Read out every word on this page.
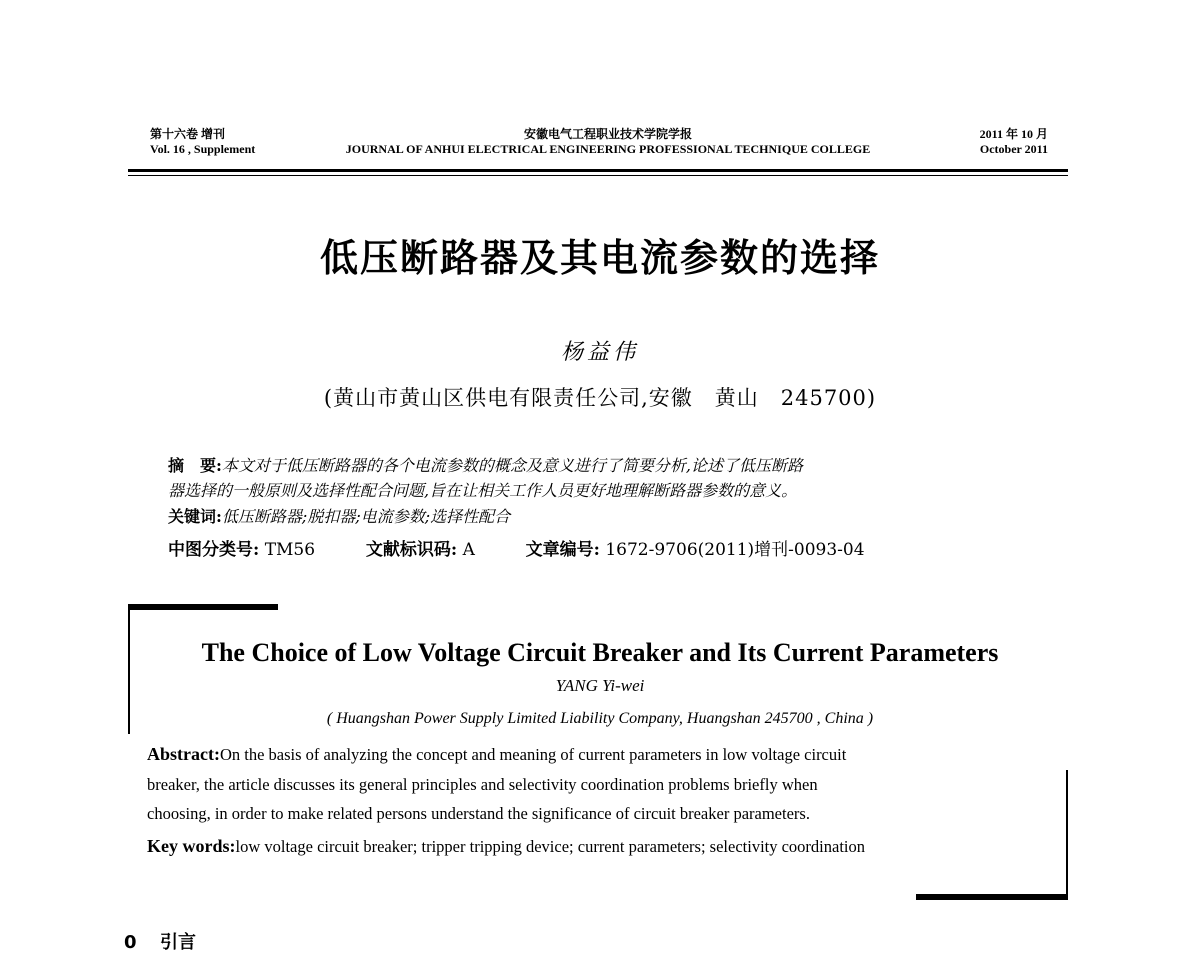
第十六卷 增刊
Vol. 16 , Supplement
安徽电气工程职业技术学院学报
JOURNAL OF ANHUI ELECTRICAL ENGINEERING PROFESSIONAL TECHNIQUE COLLEGE
2011 年 10 月
October 2011
低压断路器及其电流参数的选择
杨益伟
(黄山市黄山区供电有限责任公司,安徽　黄山　245700)
摘　要:本文对于低压断路器的各个电流参数的概念及意义进行了简要分析,论述了低压断路
器选择的一般原则及选择性配合问题,旨在让相关工作人员更好地理解断路器参数的意义。
关键词:低压断路器;脱扣器;电流参数;选择性配合
中图分类号: TM56	文献标识码: A	文章编号: 1672-9706(2011)增刊-0093-04
The Choice of Low Voltage Circuit Breaker and Its Current Parameters
YANG Yi-wei
( Huangshan Power Supply Limited Liability Company, Huangshan 245700 , China )
Abstract:On the basis of analyzing the concept and meaning of current parameters in low voltage circuit
breaker, the article discusses its general principles and selectivity coordination problems briefly when
choosing, in order to make related persons understand the significance of circuit breaker parameters.
Key words:low voltage circuit breaker; tripper tripping device; current parameters; selectivity coordination
0 引言
